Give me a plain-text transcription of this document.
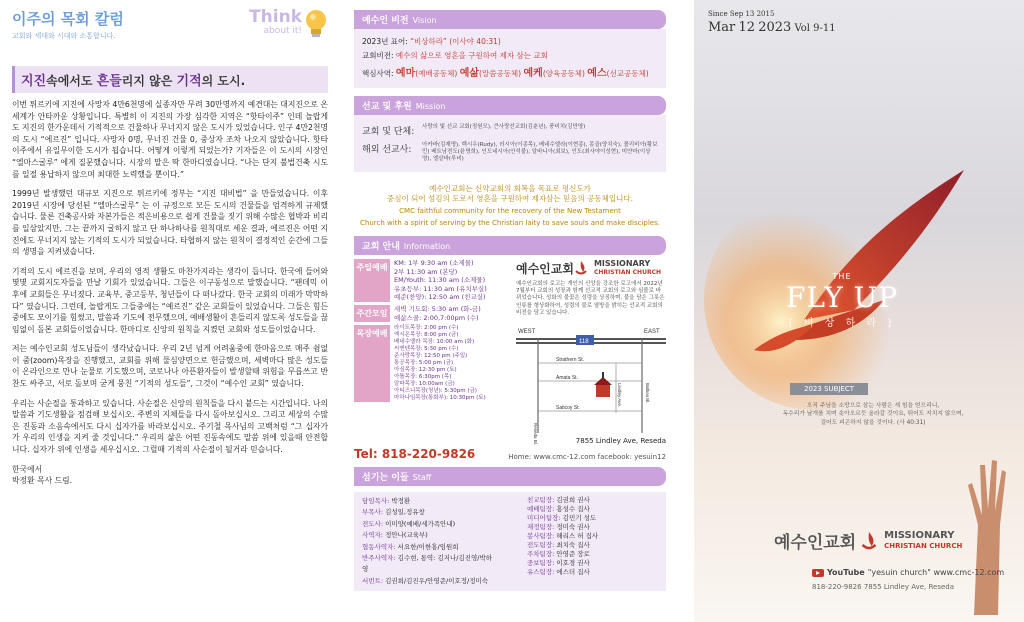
이주의 목회 칼럼
교회와 세대와 시대와 소통합니다.
Think
about it!
지진속에서도 흔들리지 않은 기적의 도시.

이번 튀르키에 지진에 사망자 4만6천명에 실종자만 무려 30만명까지 예견대는 대지진으로 온세계가 안타까운 상황입니다. 특별히 이 지진의 가장 심각한 지역은 “핫타이주” 인데 놀랍게도 지진의 한가운데서 기적적으로 건물하나 무너지지 않은 도시가 있었습니다. 인구 4만2천명의 도시 “에르진” 입니다. 사망자 0명, 무너진 건물 0, 중상자 조차 나오지 않았습니다. 핫타이주에서 유일무이한 도시가 됩습니다. 어떻게 이렇게 되었는가? 기자들은 이 도시의 시장인 “엘마스굴루” 에게 질문했습니다. 시장의 말은 딱 한마디였습니다. “나는 단지 불법건축 시도를 일절 용납하지 않으며 최대한 노력했을 뿐이다.”

1999년 발생했던 대규모 지진으로 튀르키에 정부는 “지진 대비법” 을 만들었습니다. 이후 2019년 시장에 당선된 “엘마스굴루” 는 이 규정으로 모든 도시의 건물들을 엄격하게 규제했습니다. 물론 건축공사와 자본가들은 적은비용으로 쉽게 건물을 짓기 위해 수많은 협박과 비리를 일삼았지만, 그는 끝까지 굴하지 않고 단 하나하나를 원칙대로 세운 결과, 에르진은 어떤 지진에도 무너지지 않는 기적의 도시가 되었습니다. 타협하지 않는 원칙이 결정적인 순간에 그들의 생명을 지켜냈습니다.

기적의 도시 에르진을 보며, 우리의 영적 생활도 마찬가지라는 생각이 듭니다. 한국에 들어와 몇몇 교회지도자들을 만날 기회가 있었습니다. 그들은 이구동성으로 말했습니다. “팬데믹 이후에 교회들은 무너졌다. 교육부, 중고등부, 청년들이 다 떠나갔다. 한국 교회의 미래가 막막하다” 였습니다. 그런데, 놀랍게도 그들중에는 “예르진” 같은 교회들이 있었습니다. 그들은 힘든중에도 모이기를 힘썼고, 말씀과 기도에 전무했으며, 예배생활이 흔들리지 않도록 성도들을 끊임없이 돌본 교회들이었습니다. 한마디로 신앙의 원칙을 지켰던 교회와 성도들이었습니다.

저는 예수인교회 성도님들이 생각났습니다. 우리 2년 넘게 어려움중에 한마음으로 매주 쉼없이 줌(zoom)목장을 진행했고, 교회를 위해 물심양면으로 헌금했으며, 세벽마다 많은 성도들이 온라인으로 만나 눈물로 기도했으며, 코로나나 아픈환자들이 발생할때 위험을 무릅쓰고 반찬도 싸주고, 서로 돌보며 굳게 뭉친 “기적의 성도들”, 그것이 “예수인 교회” 였습니다.

우리는 사순절을 통과하고 있습니다. 사순절은 신앙의 원칙들을 다시 붙드는 시간입니다. 나의 말씀과 기도생활을 점검해 보십시오. 주변의 지체들을 다시 돌아보십시오. 그리고 세상의 수많은 진동과 소음속에서도 다시 십자가를 바라보십시오. 주기철 목사님의 고백처럼 “그 십자가가 우리의 인생을 지켜 줄 것입니다.” 우리의 삶은 어떤 진동속에도 말씀 위에 있을때 안전합니다. 십자가 위에 인생을 세우십시오. 그럴때 기적의 사순절이 될거라 믿습니다.

한국에서
박정환 목사 드림.
예수인 비전 Vision
2023년 표어: “비상하라” (이사야 40:31)
교회비전: 예수의 삶으로 영혼을 구원하여 제자 삼는 교회
핵심사역: 예마(예배공동체) 예삶(말씀공동체) 예케(양육공동체) 예스(선교공동체)
선교 및 후원 Mission
교회 및 단체:	사랑의 빛 선교 교회(정원모), 큰사랑선교회(김춘년), 풍비치(김만영)
해외 선교사:	아카바(김재명), 백시우(Rudy), 러시아(이종목), 베네수엘라(이현종), 몽골(양치숙), 볼리비아(황보민) 베트남전도(윤명희), 인도네시아(안석불), 알바니아(최보), 인도(최사야이성현), 미얀마(이상영), 엘살바(루비)
예수인교회는 신약교회의 회복을 목표로 평신도가
중심이 되어 섬김의 도로서 영혼을 구원하여 제자삼는 믿음의 공동체입니다.
CMC faithful community for the recovery of the New Testament
Church with a spirit of serving by the Christian laity to save souls and make disciples.
교회 안내 Information
주일예배	KM: 1부 9:30 am (소제물)
2부 11:30 am (본당)
EM/Youth: 11:30 am (소제물)
유초등부: 11:30 am (유치부실)
예준(찬양): 12:50 am (친교실)
주간모임	새벽 기도회: 5:30 am (화-금)
예삶스쿨: 2:00,7:00pm (수)
목장예배
라이트목장: 2:00 pm (수)
엑시온목장: 8:00 pm (금)
베네수엘라 목장: 10:00 am (화)
씨앤텐목장: 5:30 pm (수)
준사랑목장: 12:50 pm (주일)
통공목장: 5:00 pm (금)
아심목장: 12:30 pm (토)
아틀목장: 6:30pm (목)
알파목장: 10:00am (금)
아티즈니목장(청년): 5:30pm (금)
마하나임목장(통화부): 10:30pm (토)
예수인교회	MISSIONARY
CHRISTIAN CHURCH
예수인교회의 로고는 개인의 신앙을 강조한 로고에서 2022년 7월부터 교회의 성장과 함께 선교적 교회의 로고와 심볼로 바뀌었습니다. 성화의 불꽃은 성령을 상징하며, 불을 담은 그릇은 인류를 형상화하여, 성령의 불로 열방을 밝히는 선교적 교회의 비전을 담고 있습니다.
WEST	EAST
118
Strathern St.
Amata St.
Saticoy St.
Reseda Bl.
Balboa Bl.
Lindley Ave.
7855 Lindley Ave, Reseda
Tel: 818-220-9826	Home: www.cmc-12.com facebook: yesuin12
섬기는 이들 Staff
담임목사: 박정환
부목사: 김성일,정유창
전도사: 이미양(예배/세가족안내)
사역자: 정안나(교육부)
협동사역자: 서요한/이한홍/임원희
반주사역자: 김수현, 통역: 김지나/김진영/박하영
서번트: 김권희/김진우/안영준/이호정/정미숙
친교팀장: 김권희 권사
예배팀장: 홍성수 집사
미디어팀장: 김민기 성도
재정팀장: 정미숙 권사
봉사팀장: 해리스 허 집사
전도팀장: 최치숙 집사
주차팀장: 안영준 장로
중보팀장: 이호경 권사
유스팀장: 에스더 집사
Since Sep 13 2015
Mar 12 2023 Vol 9-11
THE
FLY UP
[ 비 상 하 라 ]
2023 SUBJECT
오직 주님을 소망으로 삼는 사람은 새 힘을 얻으리니,
독수리가 날개를 치며 솟아오르듯 올라갈 것이요, 뛰어도 지치지 않으며,
걸어도 피곤하지 않을 것이다. (사 40:31)
예수인교회	MISSIONARY
CHRISTIAN CHURCH
YouTube "yesuin church" www.cmc-12.com
818-220-9826 7855 Lindley Ave, Reseda
